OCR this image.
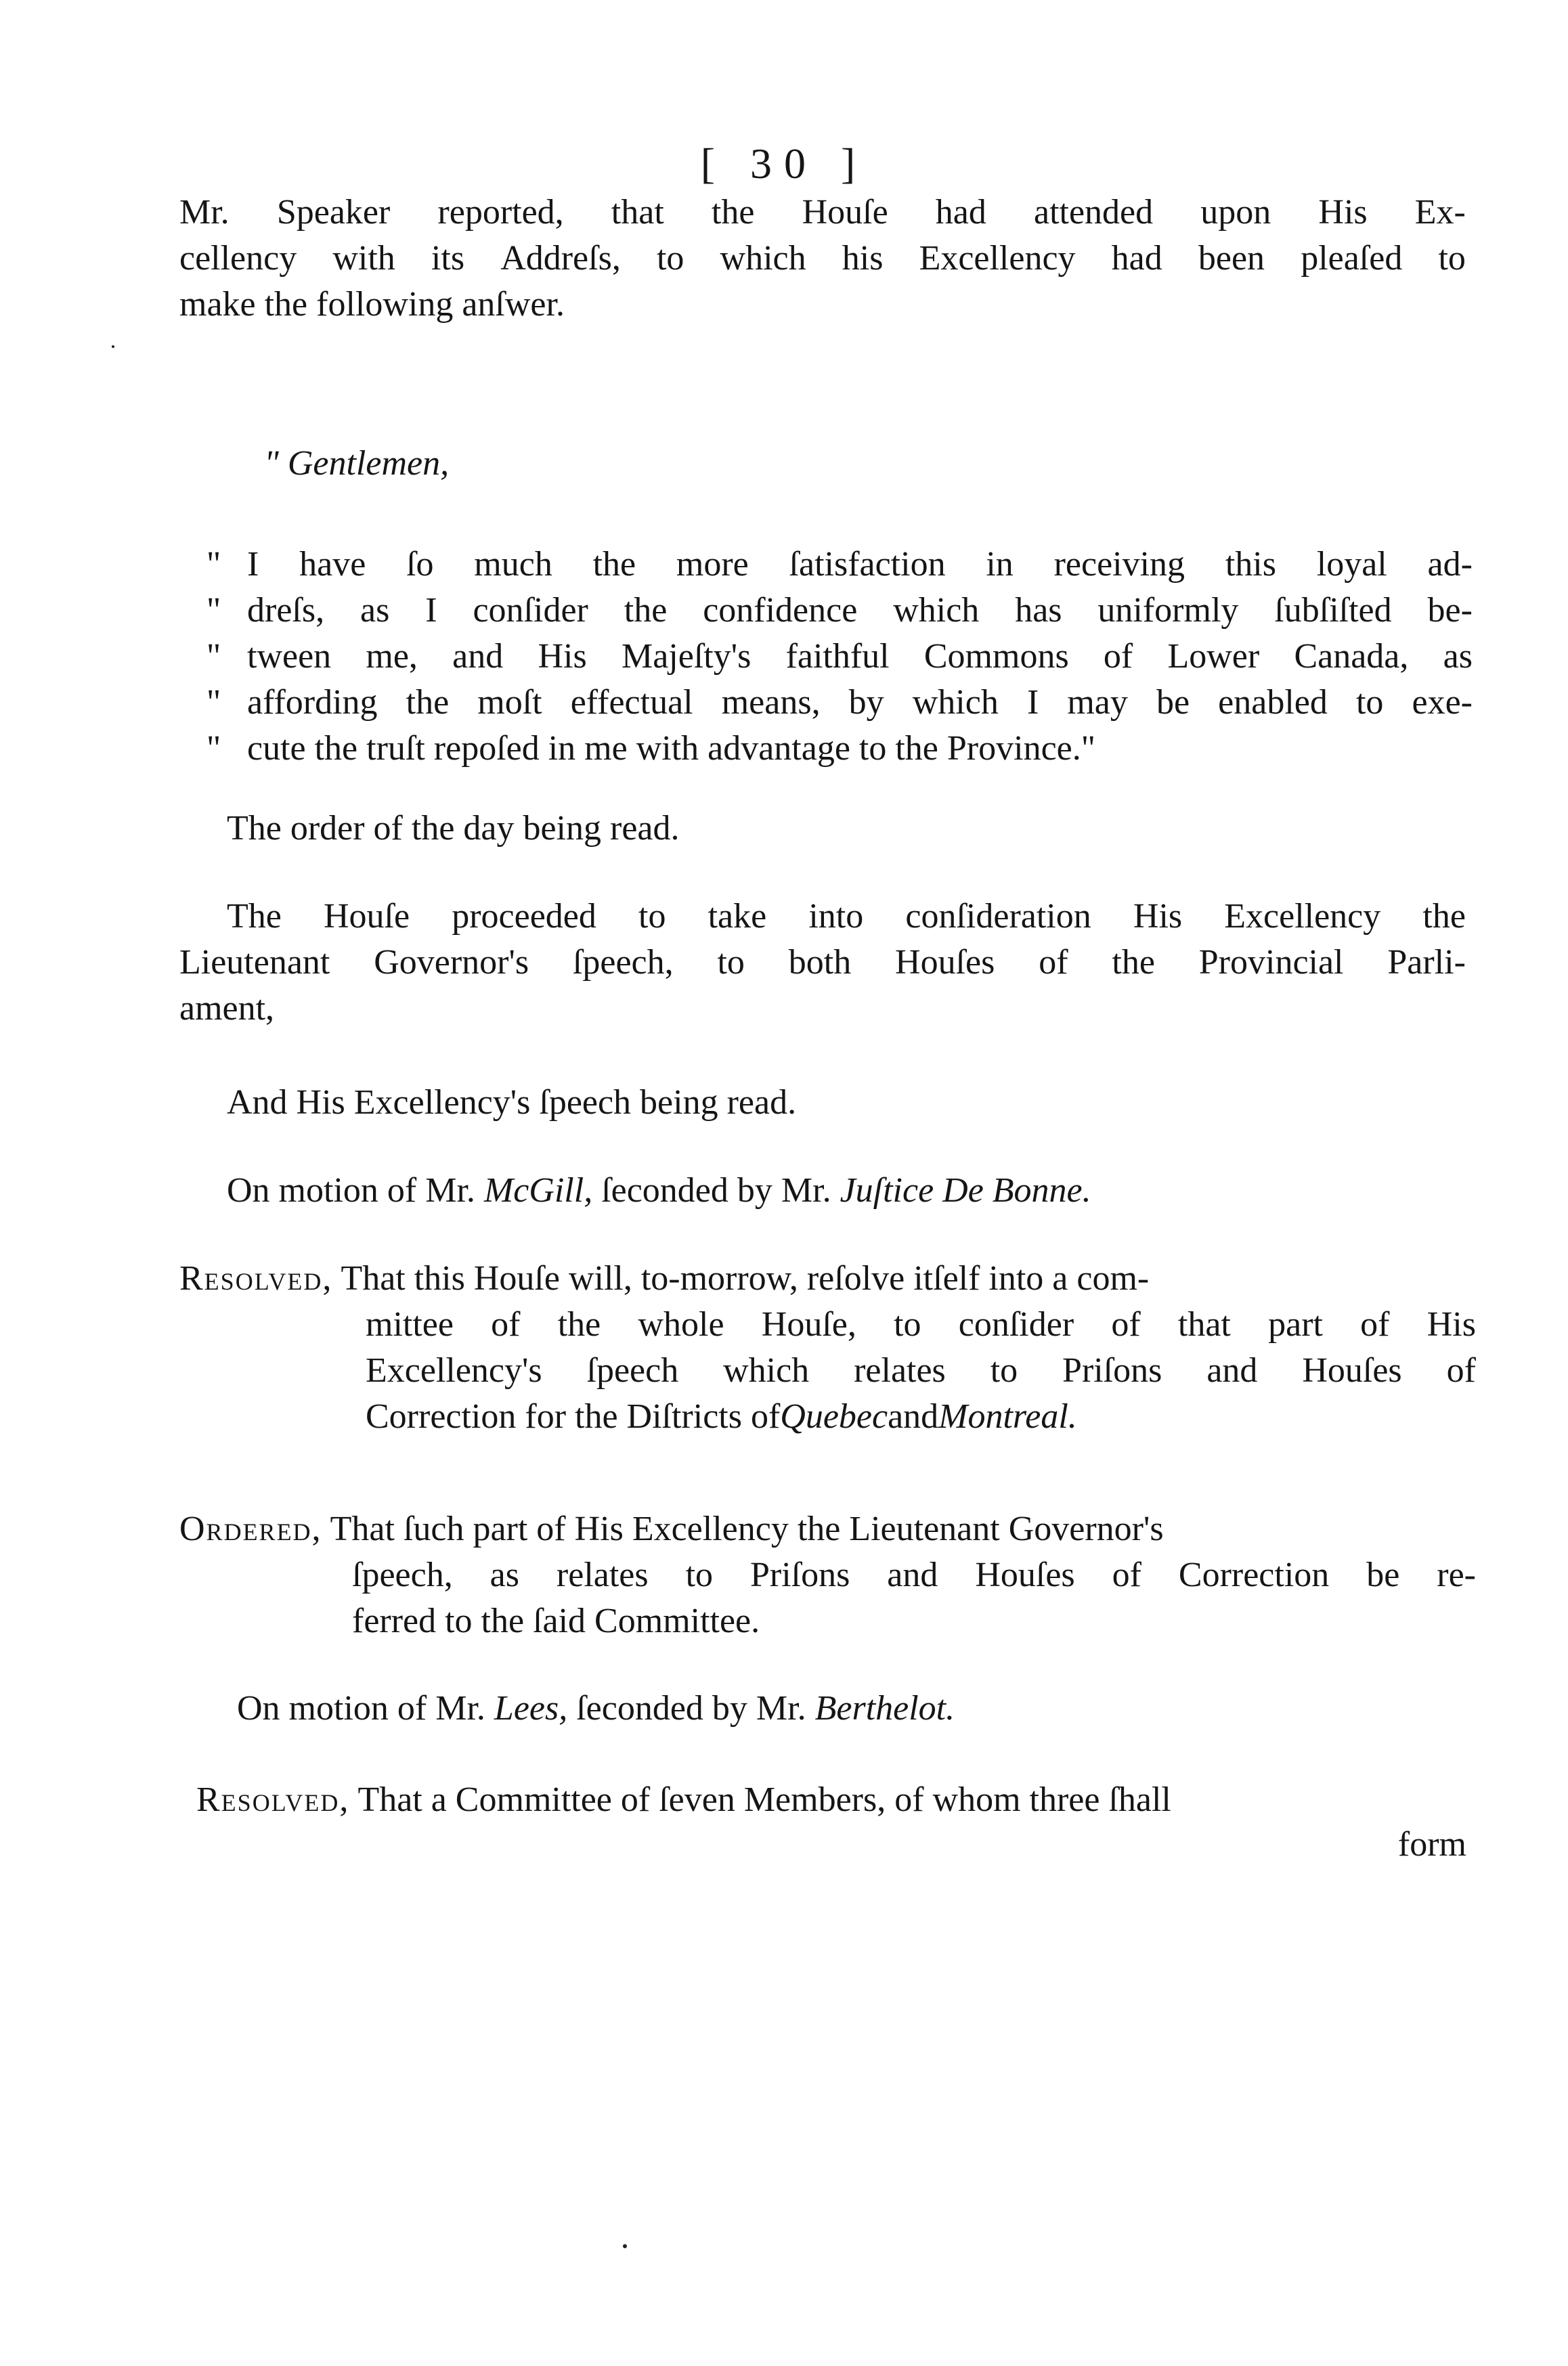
[ 30 ]
Mr. Speaker reported, that the Houſe had attended upon His Ex-
cellency with its Addreſs, to which his Excellency had been pleaſed to
make the following anſwer.
" Gentlemen,
" I have ſo much the more ſatisfaction in receiving this loyal ad-
" dreſs, as I conſider the confidence which has uniformly ſubſiſted be-
" tween me, and His Majeſty's faithful Commons of Lower Canada, as
" affording the moſt effectual means, by which I may be enabled to exe-
" cute the truſt repoſed in me with advantage to the Province."
The order of the day being read.
The Houſe proceeded to take into conſideration His Excellency the
Lieutenant Governor's ſpeech, to both Houſes of the Provincial Parli-
ament,
And His Excellency's ſpeech being read.
On motion of Mr. McGill, ſeconded by Mr. Juſtice De Bonne.
Resolved, That this Houſe will, to-morrow, reſolve itſelf into a com-
mittee of the whole Houſe, to conſider of that part of His
Excellency's ſpeech which relates to Priſons and Houſes of
Correction for the Diſtricts of Quebec and Montreal.
Ordered, That ſuch part of His Excellency the Lieutenant Governor's
ſpeech, as relates to Priſons and Houſes of Correction be re-
ferred to the ſaid Committee.
On motion of Mr. Lees, ſeconded by Mr. Berthelot.
Resolved, That a Committee of ſeven Members, of whom three ſhall
form
